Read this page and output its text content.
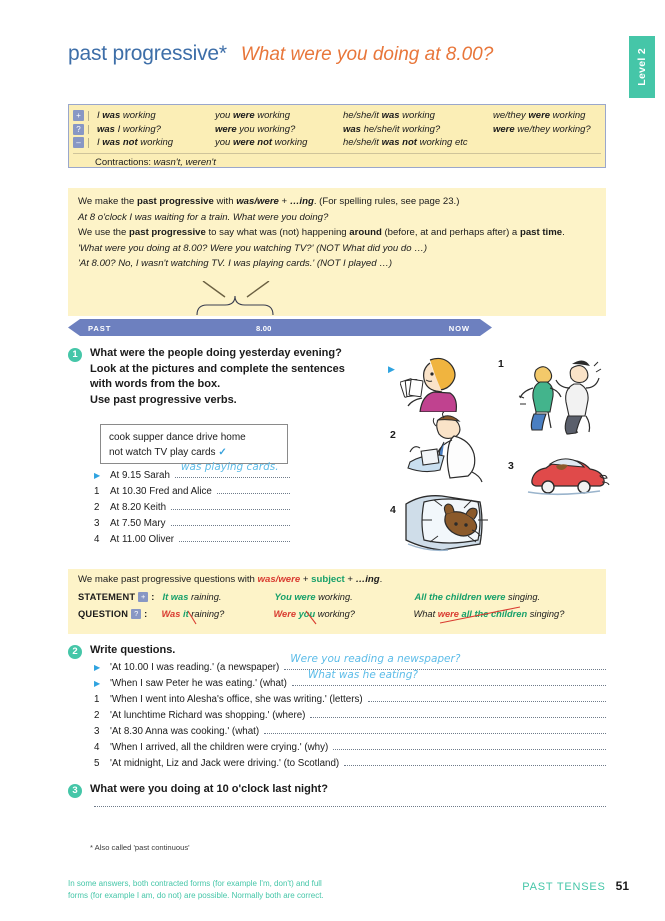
Level 2
past progressive* What were you doing at 8.00?
+	I was working	you were working	he/she/it was working	we/they were working
?	was I working?	were you working?	was he/she/it working?	were we/they working?
–	I was not working	you were not working	he/she/it was not working etc
Contractions: wasn't, weren't
We make the past progressive with was/were + …ing. (For spelling rules, see page 23.)
At 8 o'clock I was waiting for a train. What were you doing?
We use the past progressive to say what was (not) happening around (before, at and perhaps after) a past time.
'What were you doing at 8.00? Were you watching TV?' (NOT What did you do …)
'At 8.00? No, I wasn't watching TV. I was playing cards.' (NOT I played …)
PAST	8.00	NOW
1	What were the people doing yesterday evening?
Look at the pictures and complete the sentences
with words from the box.
Use past progressive verbs.
cook supper dance drive home
not watch TV play cards ✓
▶	At 9.15 Sarah
was playing cards.
1	At 10.30 Fred and Alice
2	At 8.20 Keith
3	At 7.50 Mary
4	At 11.00 Oliver
▶	1
2
3
4
We make past progressive questions with was/were + subject + …ing.
STATEMENT + : It was raining.	You were working.	All the children were singing.
QUESTION ? : Was it raining?	Were you working?	What were all the children singing?
2	Write questions.
▶	'At 10.00 I was reading.' (a newspaper)
Were you reading a newspaper?
▶	'When I saw Peter he was eating.' (what)
What was he eating?
1	'When I went into Alesha's office, she was writing.' (letters)
2	'At lunchtime Richard was shopping.' (where)
3	'At 8.30 Anna was cooking.' (what)
4	'When I arrived, all the children were crying.' (why)
5	'At midnight, Liz and Jack were driving.' (to Scotland)
3	What were you doing at 10 o'clock last night?
* Also called 'past continuous'
In some answers, both contracted forms (for example I'm, don't) and full
forms (for example I am, do not) are possible. Normally both are correct.
PAST TENSES 51
